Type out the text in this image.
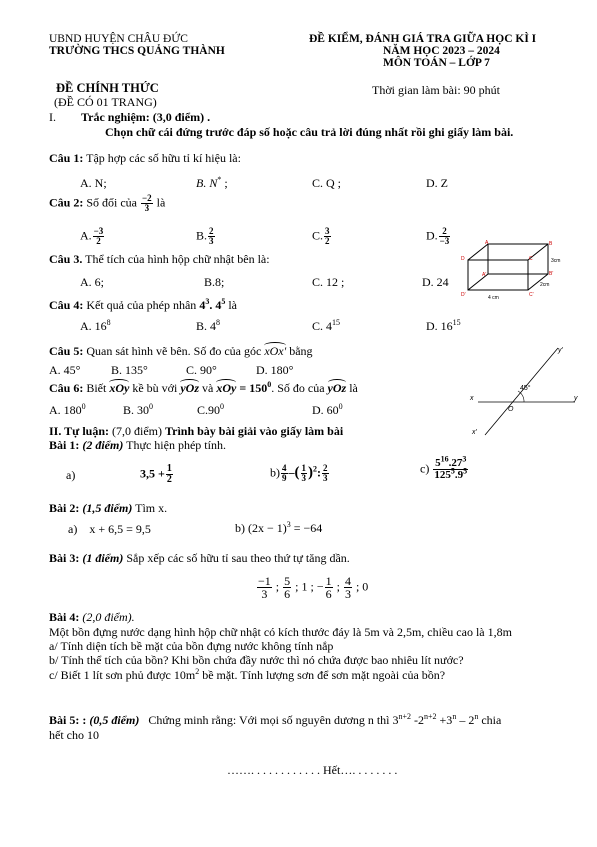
UBND HUYỆN CHÂU ĐỨC
TRƯỜNG THCS QUẢNG THÀNH
ĐỀ KIỂM, ĐÁNH GIÁ TRA GIỮA HỌC KÌ I
NĂM HỌC 2023 – 2024
MÔN TOÁN – LỚP 7
ĐỀ CHÍNH THỨC
(ĐỀ CÓ 01 TRANG)
Thời gian làm bài: 90 phút
I. Trắc nghiệm: (3,0 điểm) .
Chọn chữ cái đứng trước đáp số hoặc câu trả lời đúng nhất rồi ghi giấy làm bài.
Câu 1: Tập hợp các số hữu tỉ kí hiệu là:
A. N;	B. N* ;	C. Q ;	D. Z
Câu 2: Số đối của $\frac{-2}{3}$ là
A. $\frac{-3}{2}$	B. $\frac{2}{3}$	C. $\frac{3}{2}$	D. $\frac{2}{-3}$
Câu 3. Thể tích của hình hộp chữ nhật bên là:
A. 6;	B.8;	C. 12 ;	D. 24
A	B
C
D
A'	B'
C'
D'
3cm
2cm
4 cm
Câu 4: Kết quả của phép nhân $4^3$. $4^5$ là
A. $16^8$	B. $4^8$	C. $4^{15}$	D. $16^{15}$
Câu 5: Quan sát hình vẽ bên. Số đo của góc xOx' bằng
A. 45°	B. 135°	C. 90°	D. 180°
y'
x
O
y
x'
45°
Câu 6: Biết xOy kề bù với yOz và xOy = $150^0$. Số đo của yOz là
A. $180^0$	B. $30^0$	$C.90^0$	D. $60^0$
II. Tự luận: (7,0 điểm) Trình bày bài giải vào giấy làm bài
Bài 1: (2 điểm) Thực hiện phép tính.
a)	$3,5 + \frac{1}{2}$	$b) \frac{4}{9}$ –( $\frac{1}{3} )^2$: $\frac{2}{3}$	$c) \frac{5^{16}.27^3}{125^5.9^5}$
Bài 2: (1,5 điểm) Tìm x.
a) x + 6,5 = 9,5	b) $(2x - 1)^3 = -64$
Bài 3: (1 điểm) Sắp xếp các số hữu tỉ sau theo thứ tự tăng dần.
$\frac{-1}{3}$ ; $\frac{5}{6}$ ; 1 ; − $\frac{1}{6}$ ; $\frac{4}{3}$ ; 0
Bài 4: (2,0 điểm).
Một bồn đựng nước dạng hình hộp chữ nhật có kích thước đáy là 5m và 2,5m, chiều cao là 1,8m
a/ Tính diện tích bề mặt của bồn đựng nước không tính nắp
b/ Tính thể tích của bồn? Khi bồn chứa đầy nước thì nó chứa được bao nhiêu lít nước?
c/ Biết 1 lít sơn phủ được $10m^2$ bề mặt. Tính lượng sơn để sơn mặt ngoài của bồn?
Bài 5: : (0,5 điểm) Chứng minh rằng: Với mọi số nguyên dương n thì $3^{n+2}$ $-2^{n+2} +3^n - 2^n$ chia
hết cho 10
……. . . . . . . . . . . . Hết…. . . . . . . .
